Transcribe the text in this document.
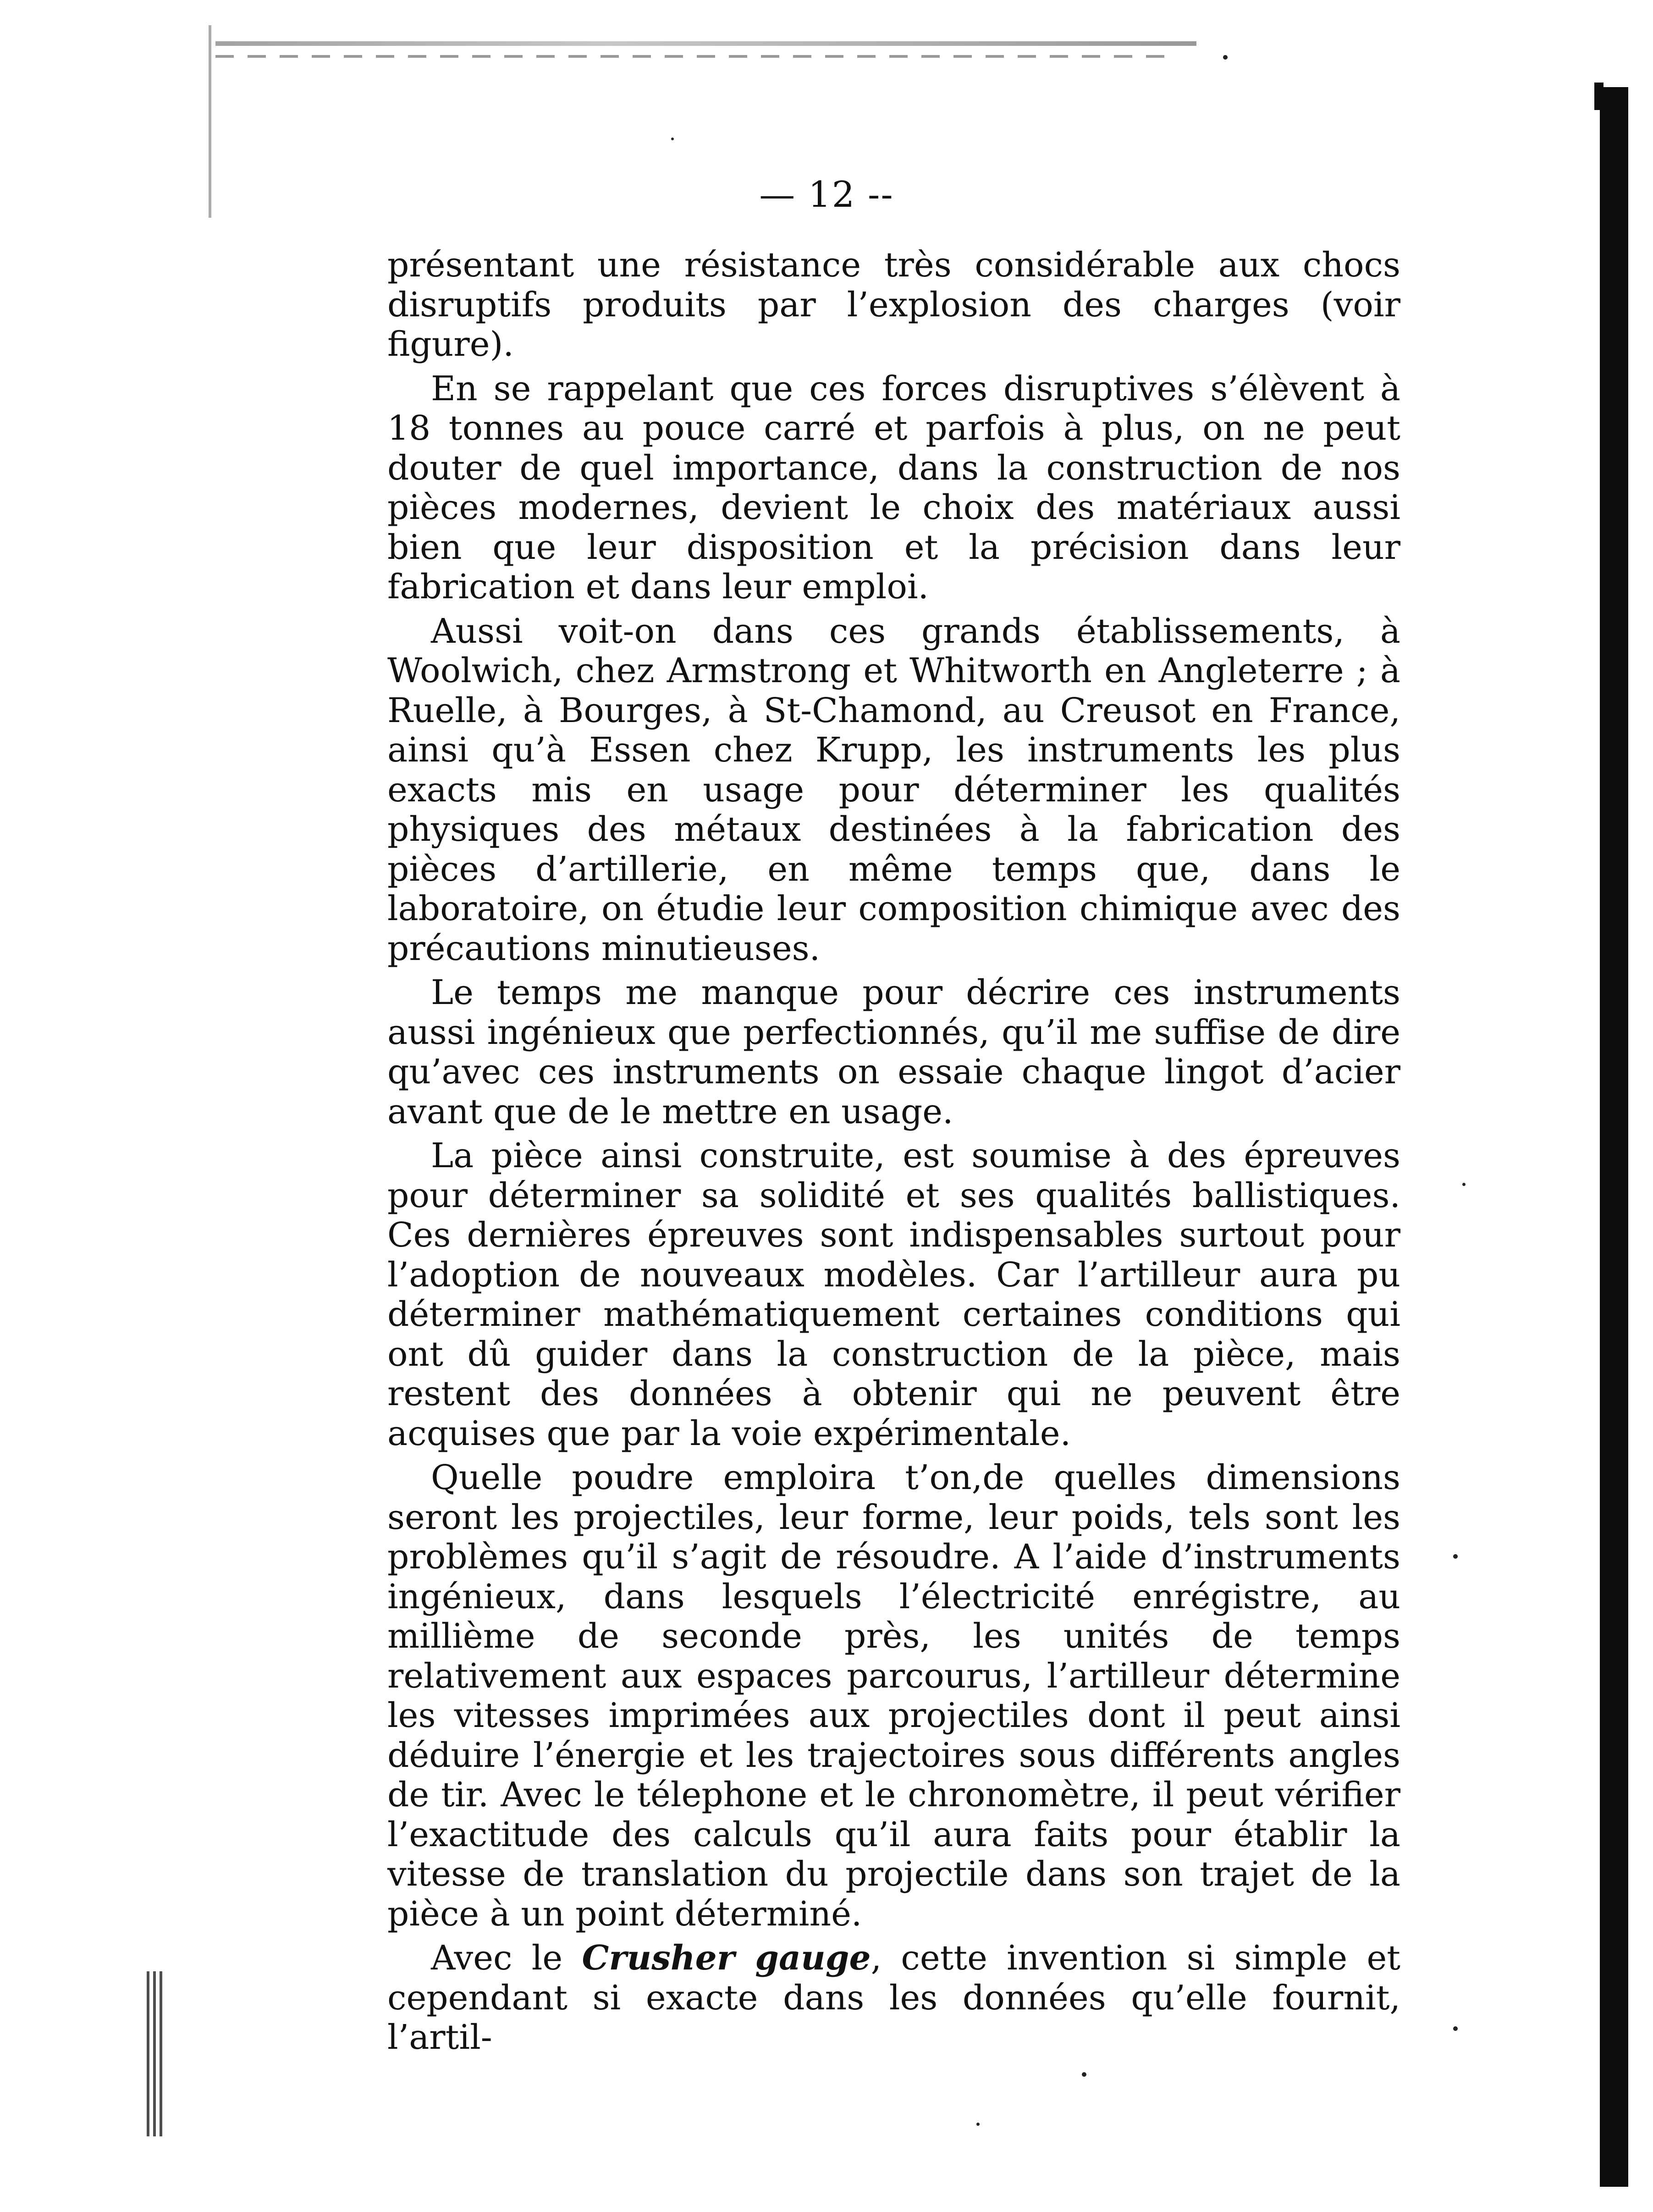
— 12 --

présentant une résistance très considérable aux chocs disruptifs produits par l’explosion des charges (voir figure).

En se rappelant que ces forces disruptives s’élèvent à 18 tonnes au pouce carré et parfois à plus, on ne peut douter de quel importance, dans la construction de nos pièces modernes, devient le choix des matériaux aussi bien que leur disposition et la précision dans leur fabrication et dans leur emploi.

Aussi voit-on dans ces grands établissements, à Woolwich, chez Armstrong et Whitworth en Angleterre ; à Ruelle, à Bourges, à St-Chamond, au Creusot en France, ainsi qu’à Essen chez Krupp, les instruments les plus exacts mis en usage pour déterminer les qualités physiques des métaux destinées à la fabrication des pièces d’artillerie, en même temps que, dans le laboratoire, on étudie leur composition chimique avec des précautions minutieuses.

Le temps me manque pour décrire ces instruments aussi ingénieux que perfectionnés, qu’il me suffise de dire qu’avec ces instruments on essaie chaque lingot d’acier avant que de le mettre en usage.

La pièce ainsi construite, est soumise à des épreuves pour déterminer sa solidité et ses qualités ballistiques. Ces dernières épreuves sont indispensables surtout pour l’adoption de nouveaux modèles. Car l’artilleur aura pu déterminer mathématiquement certaines conditions qui ont dû guider dans la construction de la pièce, mais restent des données à obtenir qui ne peuvent être acquises que par la voie expérimentale.

Quelle poudre emploira t’on,de quelles dimensions seront les projectiles, leur forme, leur poids, tels sont les problèmes qu’il s’agit de résoudre. A l’aide d’instruments ingénieux, dans lesquels l’électricité enrégistre, au millième de seconde près, les unités de temps relativement aux espaces parcourus, l’artilleur détermine les vitesses imprimées aux projectiles dont il peut ainsi déduire l’énergie et les trajectoires sous différents angles de tir. Avec le télephone et le chronomètre, il peut vérifier l’exactitude des calculs qu’il aura faits pour établir la vitesse de translation du projectile dans son trajet de la pièce à un point déterminé.

Avec le Crusher gauge, cette invention si simple et cependant si exacte dans les données qu’elle fournit, l’artil-
